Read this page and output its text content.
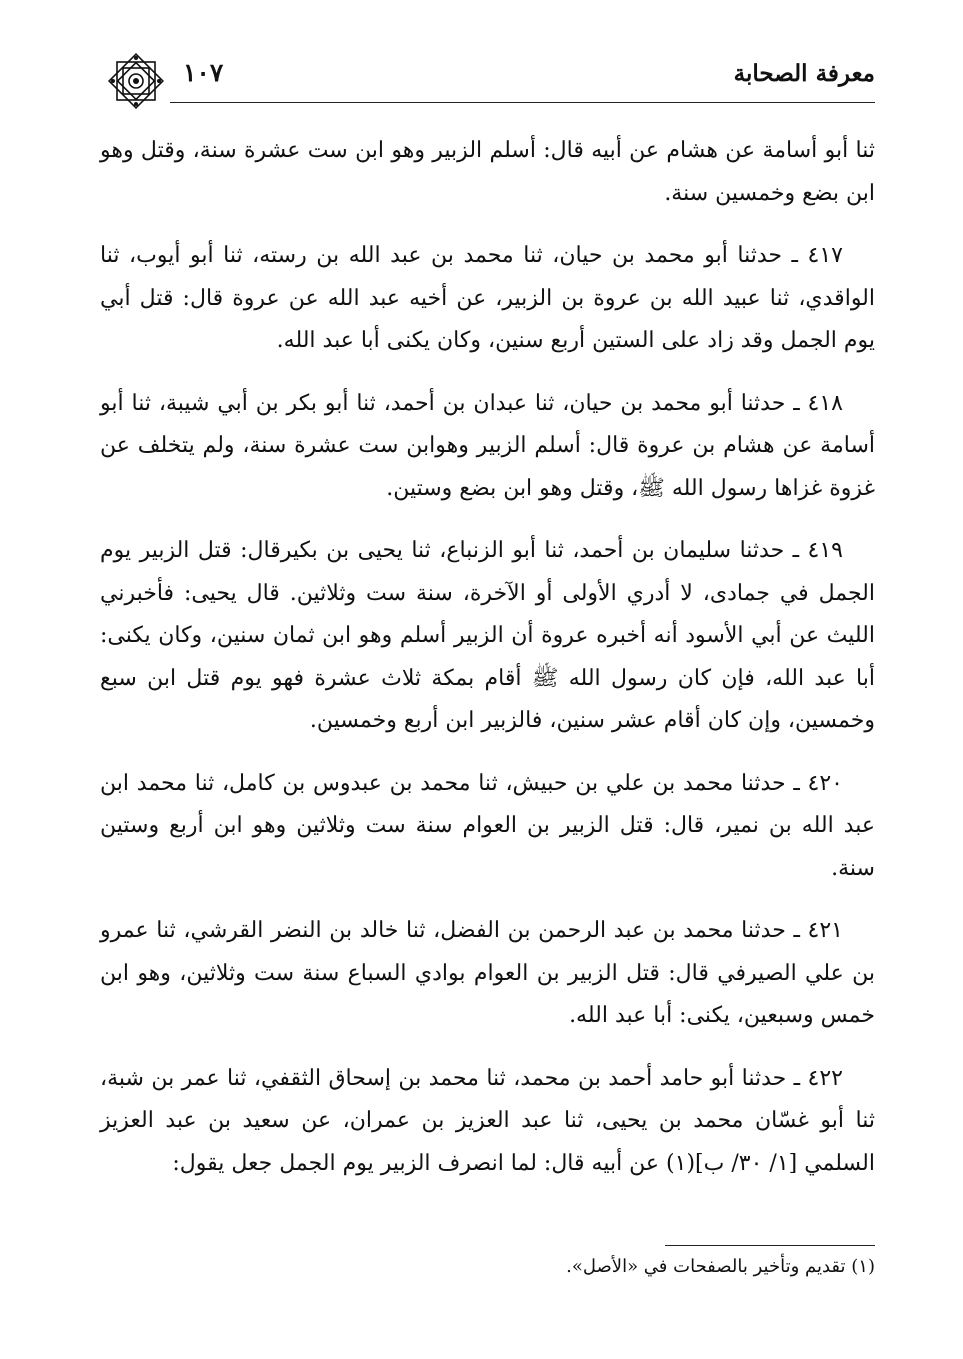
معرفة الصحابة
١٠٧

ثنا أبو أسامة عن هشام عن أبيه قال: أسلم الزبير وهو ابن ست عشرة سنة، وقتل وهو ابن بضع وخمسين سنة.

٤١٧ ـ حدثنا أبو محمد بن حيان، ثنا محمد بن عبد الله بن رسته، ثنا أبو أيوب، ثنا الواقدي، ثنا عبيد الله بن عروة بن الزبير، عن أخيه عبد الله عن عروة قال: قتل أبي يوم الجمل وقد زاد على الستين أربع سنين، وكان يكنى أبا عبد الله.

٤١٨ ـ حدثنا أبو محمد بن حيان، ثنا عبدان بن أحمد، ثنا أبو بكر بن أبي شيبة، ثنا أبو أسامة عن هشام بن عروة قال: أسلم الزبير وهوابن ست عشرة سنة، ولم يتخلف عن غزوة غزاها رسول الله ﷺ، وقتل وهو ابن بضع وستين.

٤١٩ ـ حدثنا سليمان بن أحمد، ثنا أبو الزنباع، ثنا يحيى بن بكيرقال: قتل الزبير يوم الجمل في جمادى، لا أدري الأولى أو الآخرة، سنة ست وثلاثين. قال يحيى: فأخبرني الليث عن أبي الأسود أنه أخبره عروة أن الزبير أسلم وهو ابن ثمان سنين، وكان يكنى: أبا عبد الله، فإن كان رسول الله ﷺ أقام بمكة ثلاث عشرة فهو يوم قتل ابن سبع وخمسين، وإن كان أقام عشر سنين، فالزبير ابن أربع وخمسين.

٤٢٠ ـ حدثنا محمد بن علي بن حبيش، ثنا محمد بن عبدوس بن كامل، ثنا محمد ابن عبد الله بن نمير، قال: قتل الزبير بن العوام سنة ست وثلاثين وهو ابن أربع وستين سنة.

٤٢١ ـ حدثنا محمد بن عبد الرحمن بن الفضل، ثنا خالد بن النضر القرشي، ثنا عمرو بن علي الصيرفي قال: قتل الزبير بن العوام بوادي السباع سنة ست وثلاثين، وهو ابن خمس وسبعين، يكنى: أبا عبد الله.

٤٢٢ ـ حدثنا أبو حامد أحمد بن محمد، ثنا محمد بن إسحاق الثقفي، ثنا عمر بن شبة، ثنا أبو غسّان محمد بن يحيى، ثنا عبد العزيز بن عمران، عن سعيد بن عبد العزيز السلمي [١/ ٣٠/ ب](١) عن أبيه قال: لما انصرف الزبير يوم الجمل جعل يقول:

(١) تقديم وتأخير بالصفحات في «الأصل».
